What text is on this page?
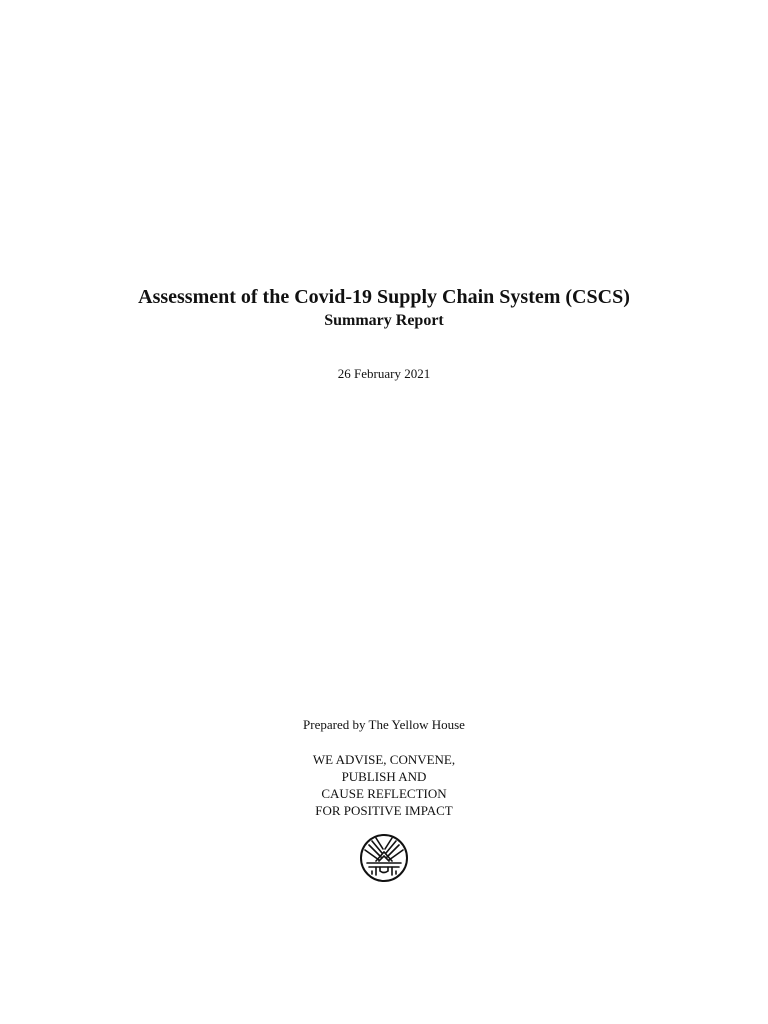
Assessment of the Covid-19 Supply Chain System (CSCS)
Summary Report
26 February 2021
Prepared by The Yellow House
WE ADVISE, CONVENE,
PUBLISH AND
CAUSE REFLECTION
FOR POSITIVE IMPACT
